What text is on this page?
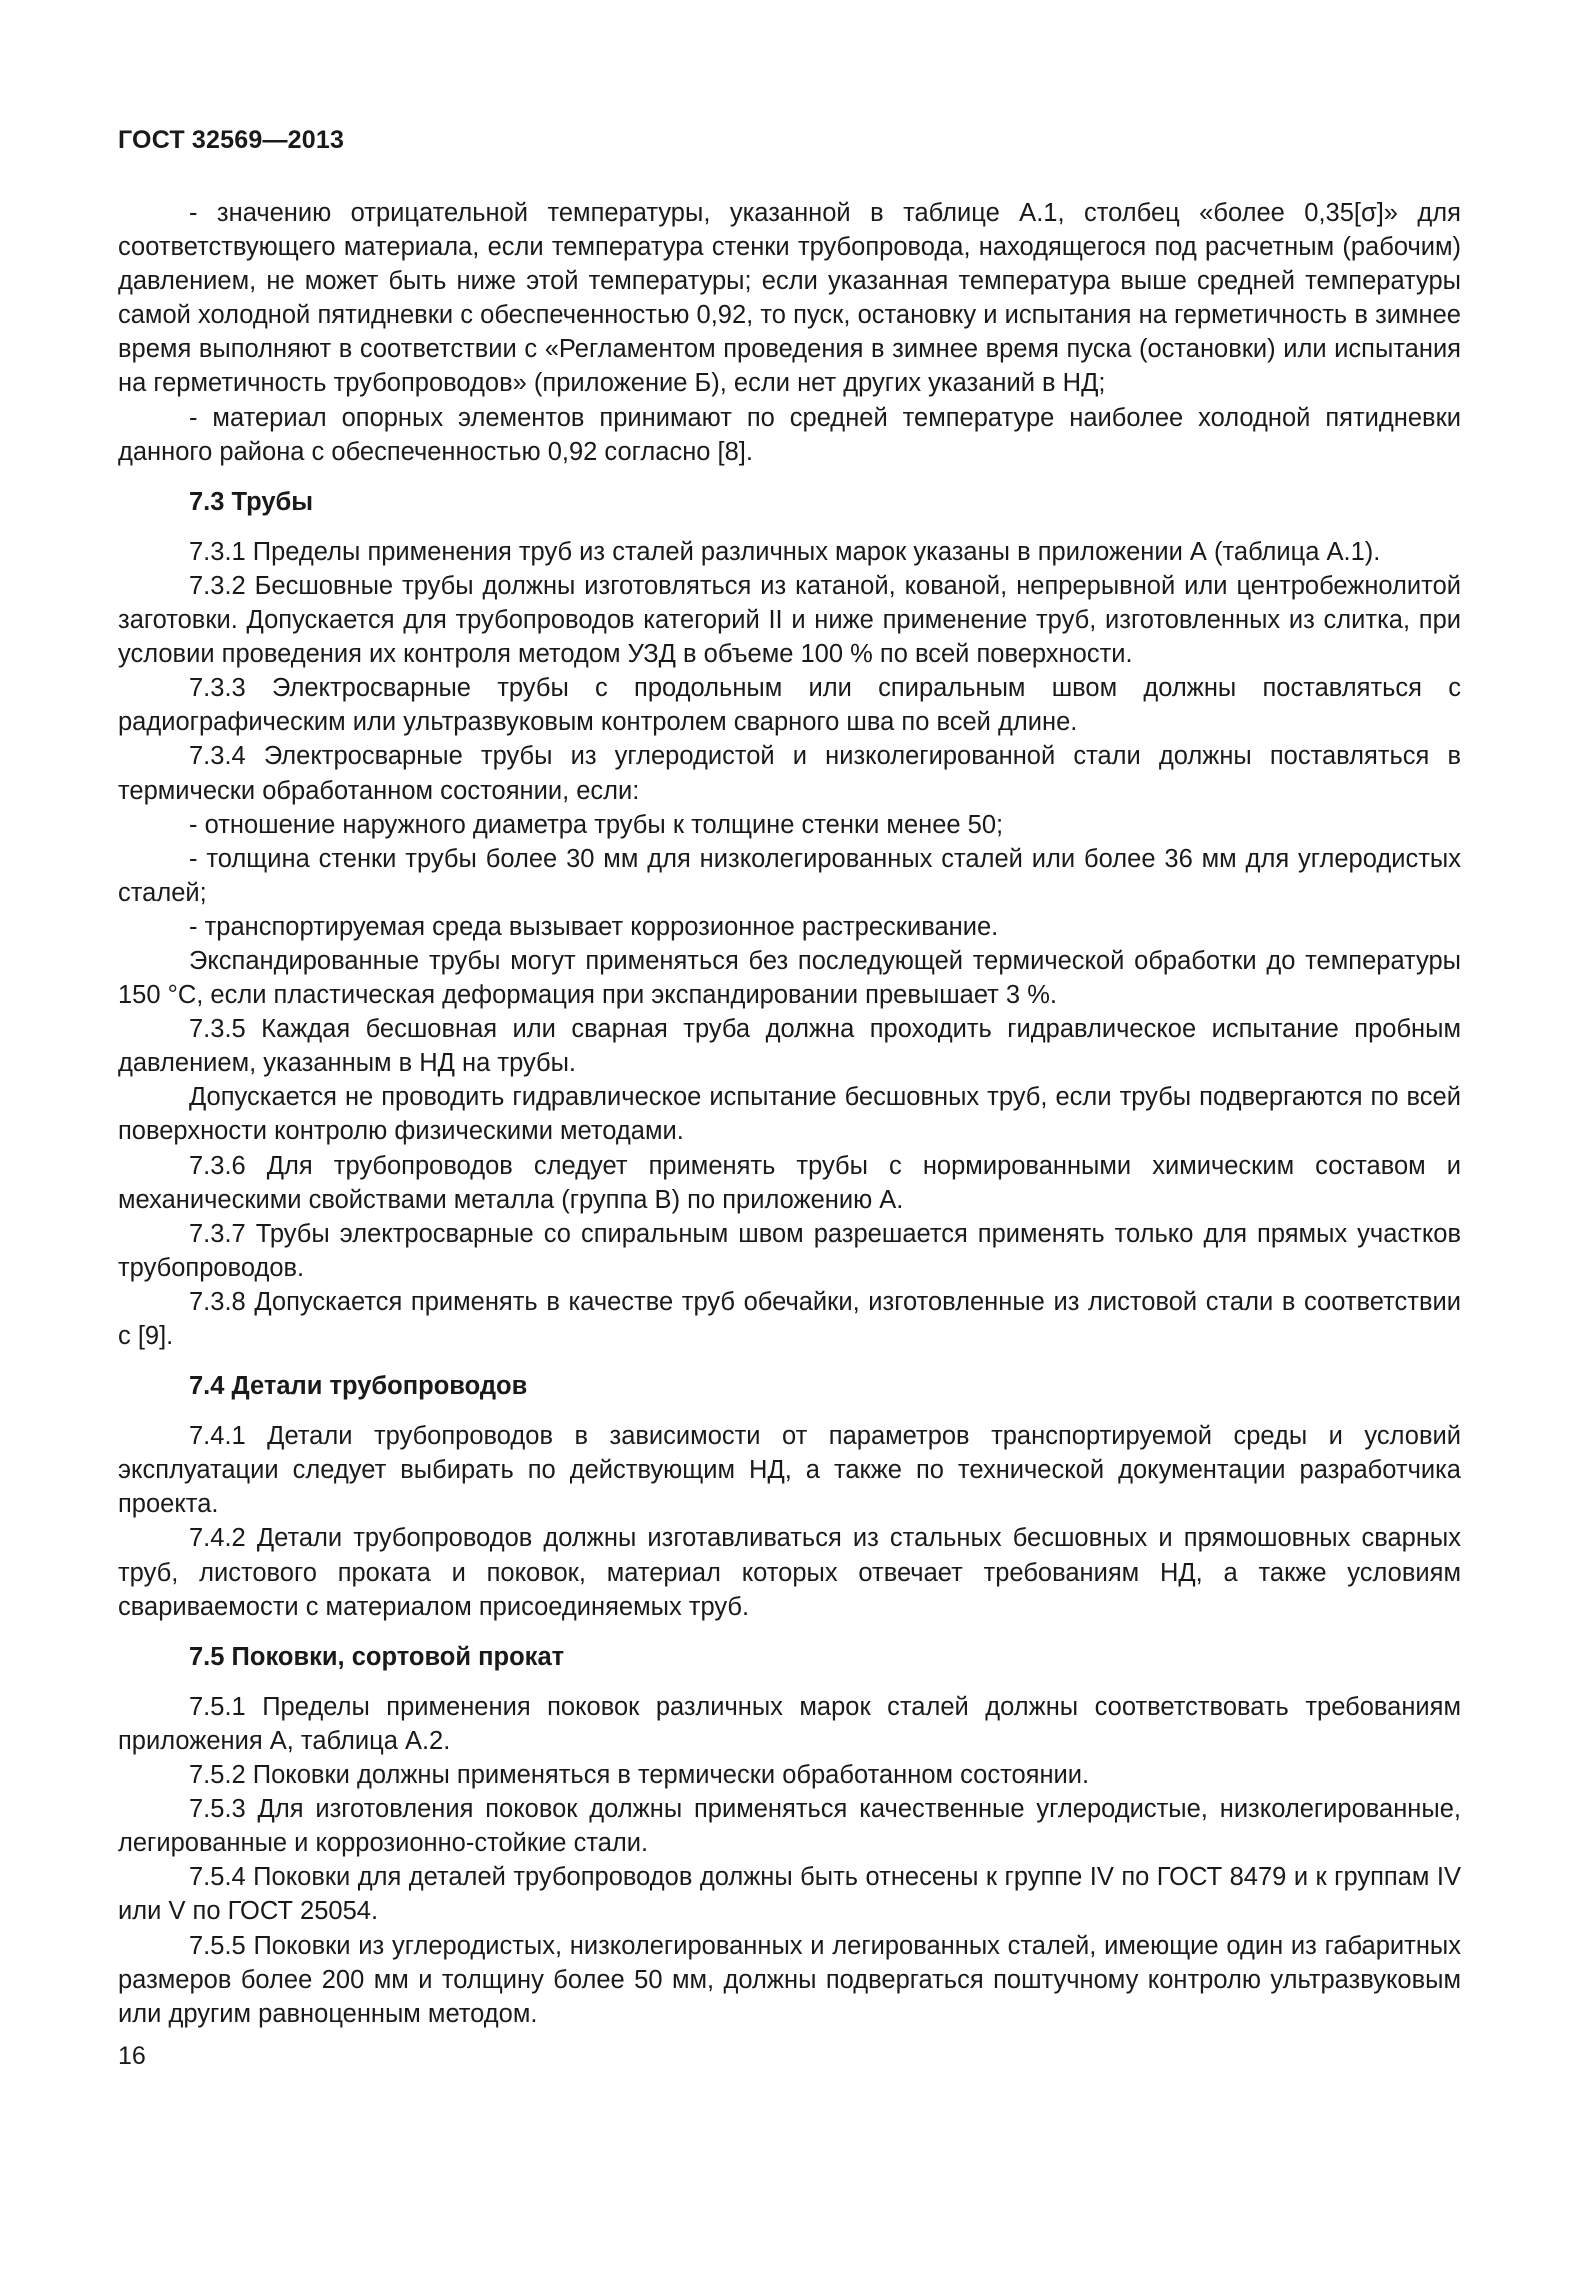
ГОСТ 32569—2013

- значению отрицательной температуры, указанной в таблице А.1, столбец «более 0,35[σ]» для соответствующего материала, если температура стенки трубопровода, находящегося под расчетным (рабочим) давлением, не может быть ниже этой температуры; если указанная температура выше средней температуры самой холодной пятидневки с обеспеченностью 0,92, то пуск, остановку и испытания на герметичность в зимнее время выполняют в соответствии с «Регламентом проведения в зимнее время пуска (остановки) или испытания на герметичность трубопроводов» (приложение Б), если нет других указаний в НД;

- материал опорных элементов принимают по средней температуре наиболее холодной пятидневки данного района с обеспеченностью 0,92 согласно [8].

7.3 Трубы

7.3.1 Пределы применения труб из сталей различных марок указаны в приложении А (таблица А.1).

7.3.2 Бесшовные трубы должны изготовляться из катаной, кованой, непрерывной или центробежнолитой заготовки. Допускается для трубопроводов категорий II и ниже применение труб, изготовленных из слитка, при условии проведения их контроля методом УЗД в объеме 100 % по всей поверхности.

7.3.3 Электросварные трубы с продольным или спиральным швом должны поставляться с радиографическим или ультразвуковым контролем сварного шва по всей длине.

7.3.4 Электросварные трубы из углеродистой и низколегированной стали должны поставляться в термически обработанном состоянии, если:

- отношение наружного диаметра трубы к толщине стенки менее 50;

- толщина стенки трубы более 30 мм для низколегированных сталей или более 36 мм для углеродистых сталей;

- транспортируемая среда вызывает коррозионное растрескивание.

Экспандированные трубы могут применяться без последующей термической обработки до температуры 150 °С, если пластическая деформация при экспандировании превышает 3 %.

7.3.5 Каждая бесшовная или сварная труба должна проходить гидравлическое испытание пробным давлением, указанным в НД на трубы.

Допускается не проводить гидравлическое испытание бесшовных труб, если трубы подвергаются по всей поверхности контролю физическими методами.

7.3.6 Для трубопроводов следует применять трубы с нормированными химическим составом и механическими свойствами металла (группа В) по приложению А.

7.3.7 Трубы электросварные со спиральным швом разрешается применять только для прямых участков трубопроводов.

7.3.8 Допускается применять в качестве труб обечайки, изготовленные из листовой стали в соответствии с [9].

7.4 Детали трубопроводов

7.4.1 Детали трубопроводов в зависимости от параметров транспортируемой среды и условий эксплуатации следует выбирать по действующим НД, а также по технической документации разработчика проекта.

7.4.2 Детали трубопроводов должны изготавливаться из стальных бесшовных и прямошовных сварных труб, листового проката и поковок, материал которых отвечает требованиям НД, а также условиям свариваемости с материалом присоединяемых труб.

7.5 Поковки, сортовой прокат

7.5.1 Пределы применения поковок различных марок сталей должны соответствовать требованиям приложения А, таблица А.2.

7.5.2 Поковки должны применяться в термически обработанном состоянии.

7.5.3 Для изготовления поковок должны применяться качественные углеродистые, низколегированные, легированные и коррозионно-стойкие стали.

7.5.4 Поковки для деталей трубопроводов должны быть отнесены к группе IV по ГОСТ 8479 и к группам IV или V по ГОСТ 25054.

7.5.5 Поковки из углеродистых, низколегированных и легированных сталей, имеющие один из габаритных размеров более 200 мм и толщину более 50 мм, должны подвергаться поштучному контролю ультразвуковым или другим равноценным методом.

16
